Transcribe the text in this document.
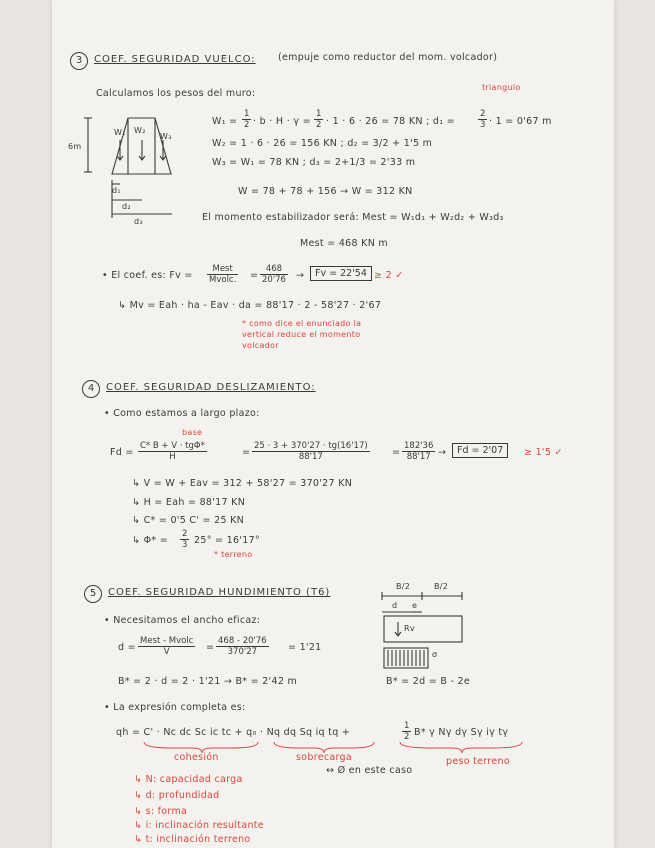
3	COEF. SEGURIDAD VUELCO: (empuje como reductor del mom. volcador)
Calculamos los pesos del muro:
triangulo
$W_1 = \frac{1}{2} \cdot b \cdot H \cdot \gamma = \frac{1}{2} \cdot 1 \cdot 6 \cdot 26 = 78$ KN ; d₁ =	$\frac{2}{3} \cdot 1 = 0'67$ m
W₂ = 1 · 6 · 26 = 156 KN ; d₂ = 3/2 + 1'5 m
W₃ = W₁ = 78 KN ; d₃ = 2+1/3 = 2'33 m
W = 78 + 78 + 156 → W = 312 KN
El momento estabilizador será: Mest = W₁d₁ + W₂d₂ + W₃d₃
Mest = 468 KN m
6m
W₁ W₂
W₃
d₁
d₂
d₃
• El coef. es: Fv =
Mest
Mvolc. = $\frac{468}{20'76}$ →	Fv = 22'54 ≥ 2 ✓
↳ Mv = Eah · ha - Eav · da = 88'17 · 2 - 58'27 · 2'67
* como dice el enunciado la vertical reduce el momento volcador
4	COEF. SEGURIDAD DESLIZAMIENTO:
• Como estamos a largo plazo:
base
Fd =
C* B + V · tgΦ*
H	= $\frac{25 \cdot 3 + 370'27 \cdot tg(16'17)}{88'17} = \frac{182'36}{88'17}$ →	Fd = 2'07	≥ 1'5 ✓
↳ V = W + Eav = 312 + 58'27 = 370'27 KN
↳ H = Eah = 88'17 KN
↳ C* = 0'5 C' = 25 KN
↳ $\Phi* = \frac{2}{3} 25^\circ = 16'17^\circ$
* terreno
5	COEF. SEGURIDAD HUNDIMIENTO (T6)
• Necesitamos el ancho eficaz:
d =
Mest - Mvolc
V	= $\frac{468 - 20'76}{370'27} = 1'21$
B* = 2 · d = 2 · 1'21 → B* = 2'42 m
B/2	B/2
d e
Rv
σ
B* = 2d = B - 2e
• La expresión completa es:
qh = C' · Nc dc Sc ic tc + q₀ · Nq dq Sq iq tq +	$\frac{1}{2} B*$ γ Nγ dγ Sγ iγ tγ
cohesión	sobrecarga
↔ Ø en este caso
peso terreno
↳ N: capacidad carga
↳ d: profundidad
↳ s: forma
↳ i: inclinación resultante
↳ t: inclinación terreno
